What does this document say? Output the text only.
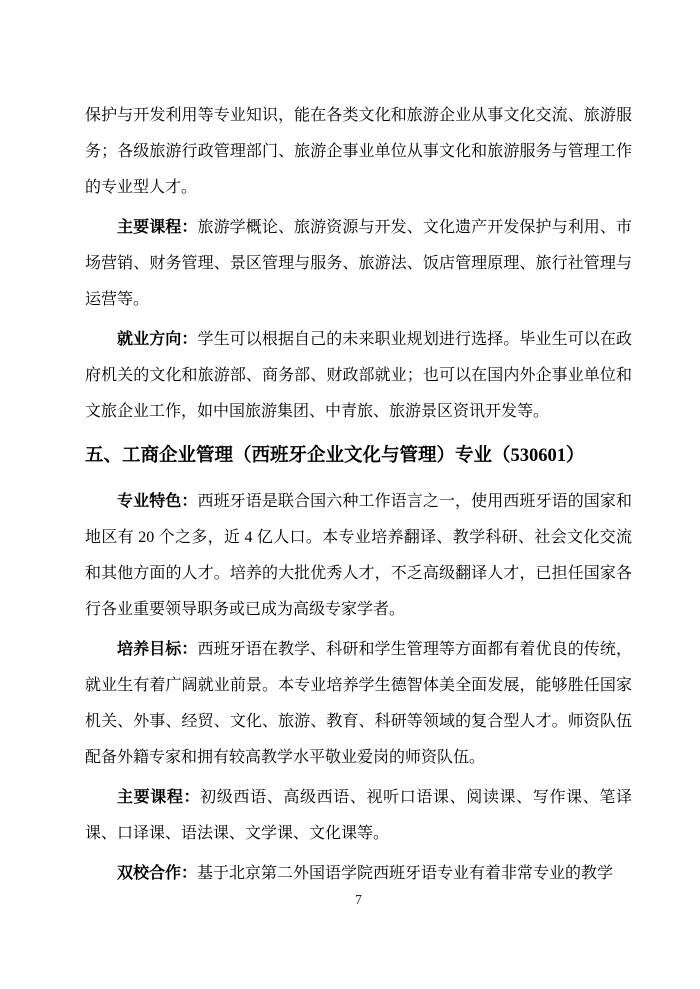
保护与开发利用等专业知识，能在各类文化和旅游企业从事文化交流、旅游服务；各级旅游行政管理部门、旅游企事业单位从事文化和旅游服务与管理工作的专业型人才。

主要课程：旅游学概论、旅游资源与开发、文化遗产开发保护与利用、市场营销、财务管理、景区管理与服务、旅游法、饭店管理原理、旅行社管理与运营等。

就业方向：学生可以根据自己的未来职业规划进行选择。毕业生可以在政府机关的文化和旅游部、商务部、财政部就业；也可以在国内外企事业单位和文旅企业工作，如中国旅游集团、中青旅、旅游景区资讯开发等。

五、工商企业管理（西班牙企业文化与管理）专业（530601）

专业特色：西班牙语是联合国六种工作语言之一，使用西班牙语的国家和地区有 20 个之多，近 4 亿人口。本专业培养翻译、教学科研、社会文化交流和其他方面的人才。培养的大批优秀人才，不乏高级翻译人才，已担任国家各行各业重要领导职务或已成为高级专家学者。

培养目标：西班牙语在教学、科研和学生管理等方面都有着优良的传统，就业生有着广阔就业前景。本专业培养学生德智体美全面发展，能够胜任国家机关、外事、经贸、文化、旅游、教育、科研等领域的复合型人才。师资队伍配备外籍专家和拥有较高教学水平敬业爱岗的师资队伍。

主要课程：初级西语、高级西语、视听口语课、阅读课、写作课、笔译课、口译课、语法课、文学课、文化课等。

双校合作：基于北京第二外国语学院西班牙语专业有着非常专业的教学

7
